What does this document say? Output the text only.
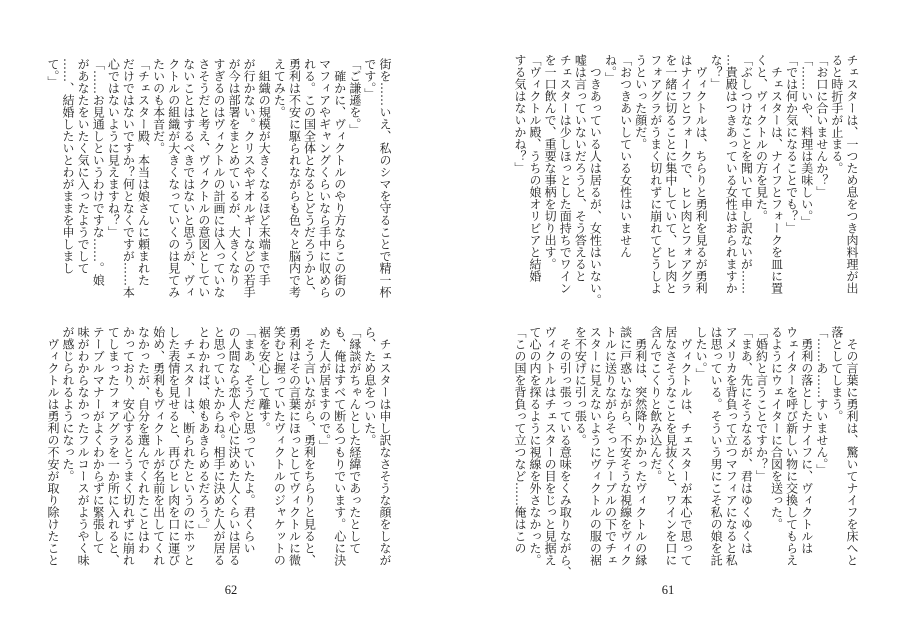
街を……いえ、私のシマを守ることで精一杯
です。」
「ご謙遜を。」
　確かに、ヴィクトルのやり方ならこの街の
マフィアやギャングくらいなら手中に収めら
れる。この国全体となるとどうだろうかと、
勇利は不安に駆られながらも色々と脳内で考
えてみた。
　組織の規模が大きくなるほど末端まで手
が行かない。クリスやギオルギーなどの若手
が今は部署をまとめているが、大きくなり
すぎるのはヴィクトルの計画には入っていな
さそうだと考え、ヴィクトルの意図としてい
ないことはするべきではないと思うが、ヴィ
クトルの組織が大きくなっていくのは見てみ
たいのも本音だ。
「チェスター殿、本当は娘さんに頼まれた
だけではないですか？何となくですが……本
心ではないように見えますね？」
「……お見通しというわけですな……。娘
があなたをいたく気に入ったようでして
……、結婚したいとわがままを申しまし
て。」
　チェスターは申し訳なさそうな顔をしなが
ら、ため息をついた。
「縁談がちゃんとした経緯であったとして
も、俺はすべて断るつもりでいます。心に決
めた人が居ますので。」
　そう言いながら、勇利をちらりと見ると、
勇利はその言葉にほっとしてヴィクトルに微
笑むと握っていたヴィクトルのジャケットの
裾を安心して離す。
「まあ、そうだと思っていたよ。君くらい
の人間なら恋人や心に決めた人くらいは居る
と思っていたからね。相手に決めた人が居る
とわかれば、娘もあきらめるだろう。」
　チェスターは、断られたというのにホッと
した表情を見せると、再びヒレ肉を口に運び
始め、勇利もヴィクトルが名前を出してくれ
なかったが、自分を選んでくれたことはわ
かっており、安心するとうまく切れずに崩れ
てしまったフォアグラを一か所に入れると、
テーブルマナーがよくわからずに緊張して
味がわからなかったフルコースがようやく味
が感じられるようになった。
　ヴィクトルは勇利の不安が取り除けたこと
62
チェスターは、一つため息をつき肉料理が出
ると時折手が止まる。
「お口に合いませんか？」
「……いや、料理は美味しい。」
「では何か気になることでも？」
　チェスターは、ナイフとフォークを皿に置
くと、ヴィクトルの方を見た。
「ぶしつけなことを聞いて申し訳ないが……
…貴殿はつきあっている女性はおられますか
な？」
　ヴィクトルは、ちらりと勇利を見るが勇利
はナイフとフォークで、ヒレ肉とフォアグラ
を一緒に切ることに集中していて、ヒレ肉と
フォアグラがうまく切れずに崩れてどうしよ
うといった顔だ。
「おつきあいしている女性はいません
ね。」
　つきあっている人は居るが、女性はいない。
嘘は言っていないだろうと、そう答えると
チェスターは少しほっとした面持ちでワイン
を一口飲んで、重要な事柄を切り出す。
「ヴィクトル殿、うちの娘オリビアと結婚
する気はないかね？」
　その言葉に勇利は、驚いてナイフを床へと
落としてしまう。
「……あ……すいません。」
　勇利の落としたナイフに、ヴィクトルは
ウェイターを呼び新しい物に交換してもらえ
るようにウェイターに合図を送った。
「婚約と言うことですか？」
「まあ、先にそうなるが、君はゆくゆくは
アメリカを背負って立つマフィアになると私
は思っている。そういう男にこそ私の娘を託
したい。」
　ヴィクトルは、チェスターが本心で思って
居なさそうなことを見抜くと、ワインを口に
含んでこくりと飲み込んだ。
　勇利は、突然降りかかったヴィクトルの縁
談に戸惑いながら、不安そうな視線をヴィク
トルに送りながらそっとテーブルの下でチェ
スターに見えないようにヴィクトルの服の裾
を不安げに引っ張る。
　その引っ張っている意味をくみ取りながら、
ヴィクトルはチェスターの目をじっと見据え
て心の内を探るように視線を外さなかった。
「この国を背負って立つなど……俺はこの
61
